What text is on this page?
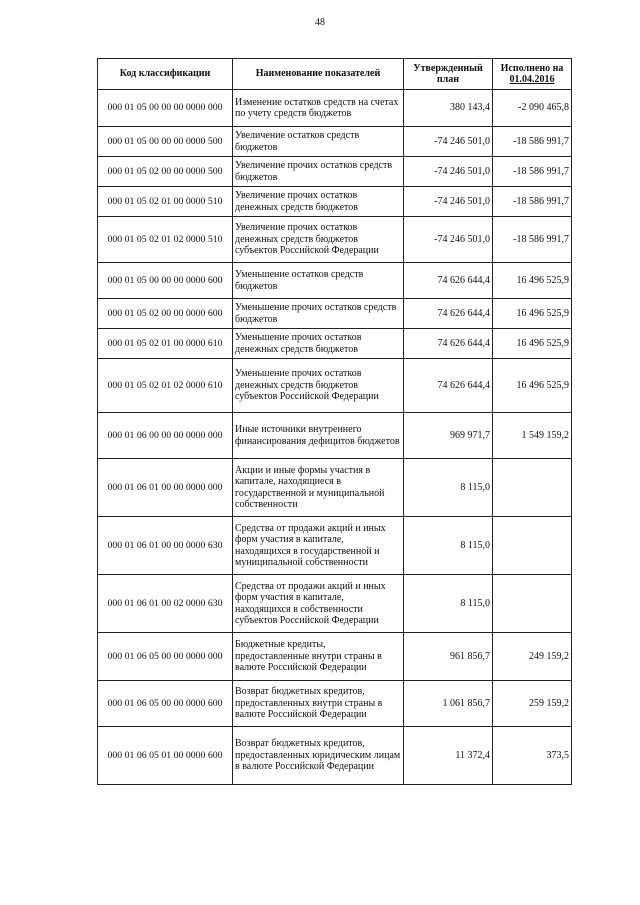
48
Код классификации	Наименование показателей	Утвержденный план	Исполнено на
01.04.2016
000 01 05 00 00 00 0000 000	Изменение остатков средств на счетах по учету средств бюджетов	380 143,4	-2 090 465,8
000 01 05 00 00 00 0000 500	Увеличение остатков средств бюджетов	-74 246 501,0	-18 586 991,7
000 01 05 02 00 00 0000 500	Увеличение прочих остатков средств бюджетов	-74 246 501,0	-18 586 991,7
000 01 05 02 01 00 0000 510	Увеличение прочих остатков денежных средств бюджетов	-74 246 501,0	-18 586 991,7
000 01 05 02 01 02 0000 510	Увеличение прочих остатков денежных средств бюджетов субъектов Российской Федерации	-74 246 501,0	-18 586 991,7
000 01 05 00 00 00 0000 600	Уменьшение остатков средств бюджетов	74 626 644,4	16 496 525,9
000 01 05 02 00 00 0000 600	Уменьшение прочих остатков средств бюджетов	74 626 644,4	16 496 525,9
000 01 05 02 01 00 0000 610	Уменьшение прочих остатков денежных средств бюджетов	74 626 644,4	16 496 525,9
000 01 05 02 01 02 0000 610	Уменьшение прочих остатков денежных средств бюджетов субъектов Российской Федерации	74 626 644,4	16 496 525,9
000 01 06 00 00 00 0000 000	Иные источники внутреннего финансирования дефицитов бюджетов	969 971,7	1 549 159,2
000 01 06 01 00 00 0000 000	Акции и иные формы участия в капитале, находящиеся в государственной и муниципальной собственности	8 115,0	
000 01 06 01 00 00 0000 630	Средства от продажи акций и иных форм участия в капитале, находящихся в государственной и муниципальной собственности	8 115,0	
000 01 06 01 00 02 0000 630	Средства от продажи акций и иных форм участия в капитале, находящихся в собственности субъектов Российской Федерации	8 115,0	
000 01 06 05 00 00 0000 000	Бюджетные кредиты, предоставленные внутри страны в валюте Российской Федерации	961 856,7	249 159,2
000 01 06 05 00 00 0000 600	Возврат бюджетных кредитов, предоставленных внутри страны в валюте Российской Федерации	1 061 856,7	259 159,2
000 01 06 05 01 00 0000 600	Возврат бюджетных кредитов, предоставленных юридическим лицам в валюте Российской Федерации	11 372,4	373,5
